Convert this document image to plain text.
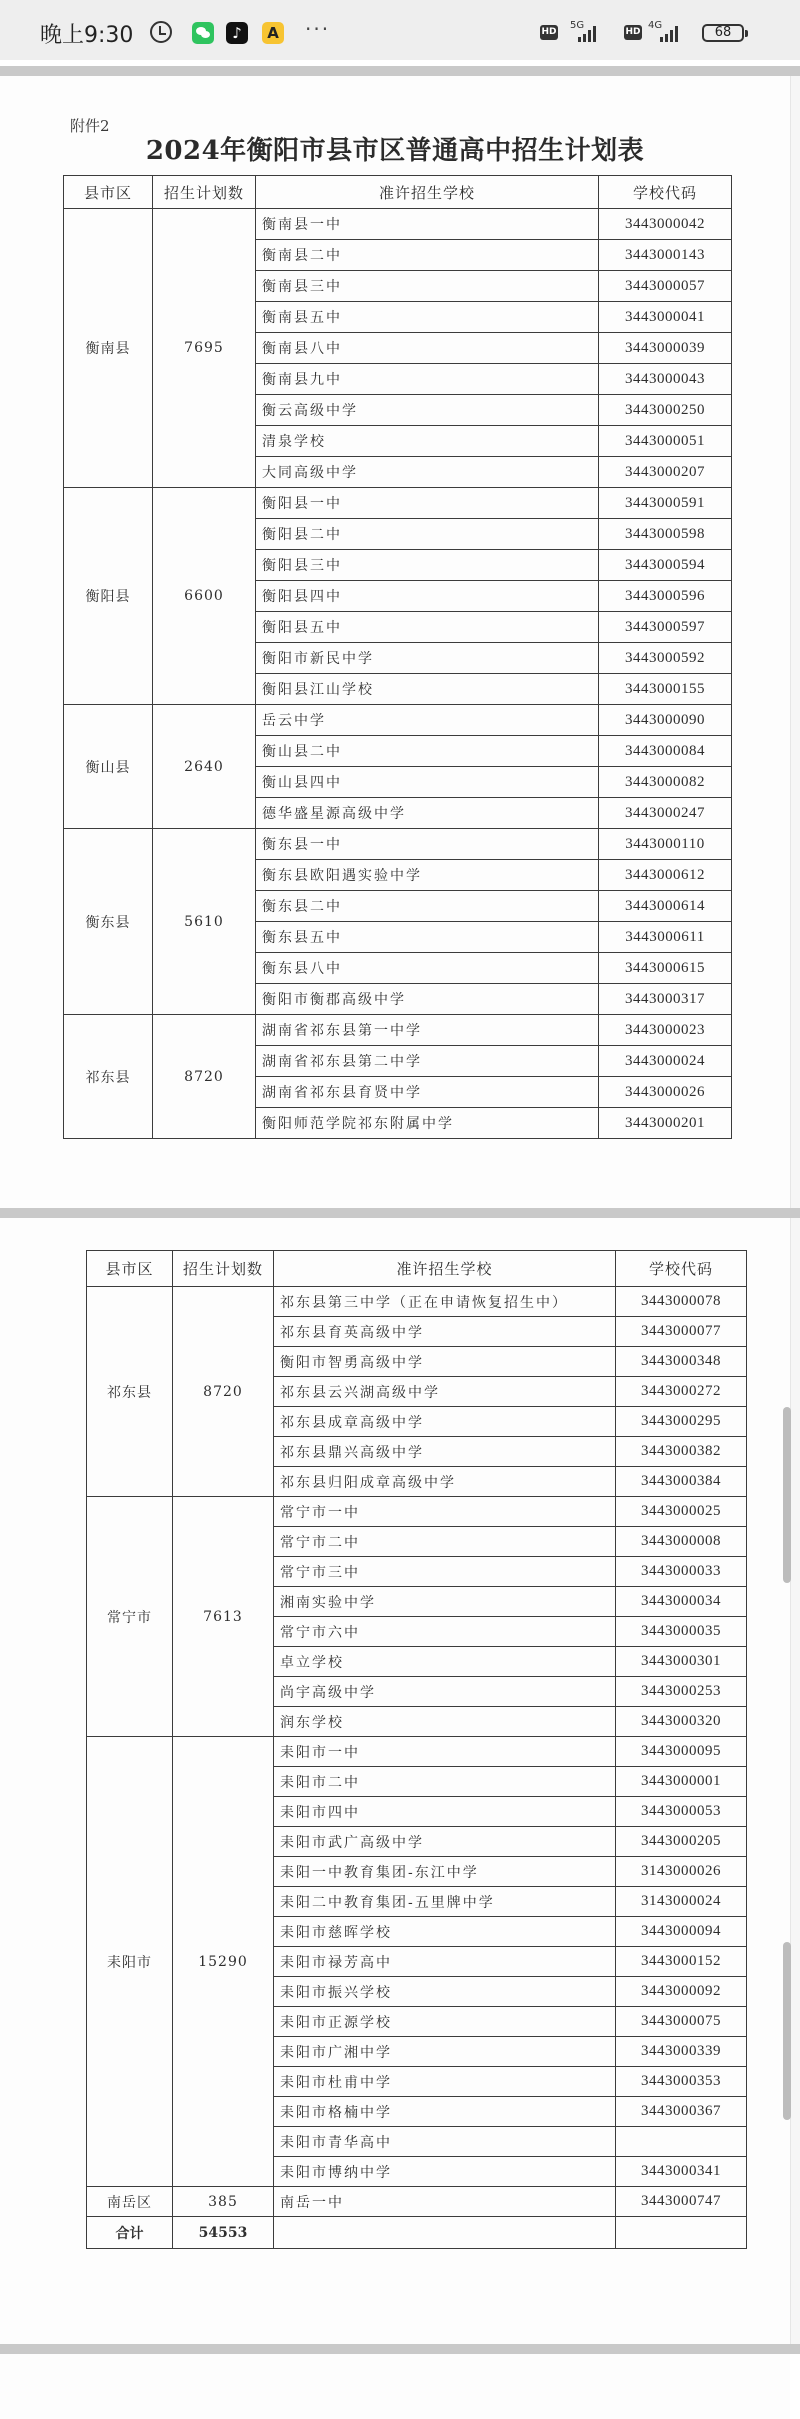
晚上9:30	♪	A ···	HD
5G
HD
4G	68
附件2
2024年衡阳市县市区普通高中招生计划表
县市区	招生计划数	准许招生学校	学校代码
衡南县	7695	衡南县一中	3443000042
		衡南县二中	3443000143
		衡南县三中	3443000057
		衡南县五中	3443000041
		衡南县八中	3443000039
		衡南县九中	3443000043
		衡云高级中学	3443000250
		清泉学校	3443000051
		大同高级中学	3443000207
衡阳县	6600	衡阳县一中	3443000591
		衡阳县二中	3443000598
		衡阳县三中	3443000594
		衡阳县四中	3443000596
		衡阳县五中	3443000597
		衡阳市新民中学	3443000592
		衡阳县江山学校	3443000155
衡山县	2640	岳云中学	3443000090
		衡山县二中	3443000084
		衡山县四中	3443000082
		德华盛星源高级中学	3443000247
衡东县	5610	衡东县一中	3443000110
		衡东县欧阳遇实验中学	3443000612
		衡东县二中	3443000614
		衡东县五中	3443000611
		衡东县八中	3443000615
		衡阳市衡郡高级中学	3443000317
祁东县	8720	湖南省祁东县第一中学	3443000023
		湖南省祁东县第二中学	3443000024
		湖南省祁东县育贤中学	3443000026
		衡阳师范学院祁东附属中学	3443000201
县市区	招生计划数	准许招生学校	学校代码
祁东县	8720	祁东县第三中学（正在申请恢复招生中）	3443000078
		祁东县育英高级中学	3443000077
		衡阳市智勇高级中学	3443000348
		祁东县云兴湖高级中学	3443000272
		祁东县成章高级中学	3443000295
		祁东县鼎兴高级中学	3443000382
		祁东县归阳成章高级中学	3443000384
常宁市	7613	常宁市一中	3443000025
		常宁市二中	3443000008
		常宁市三中	3443000033
		湘南实验中学	3443000034
		常宁市六中	3443000035
		卓立学校	3443000301
		尚宇高级中学	3443000253
		润东学校	3443000320
耒阳市	15290	耒阳市一中	3443000095
		耒阳市二中	3443000001
		耒阳市四中	3443000053
		耒阳市武广高级中学	3443000205
		耒阳一中教育集团-东江中学	3143000026
		耒阳二中教育集团-五里牌中学	3143000024
		耒阳市慈晖学校	3443000094
		耒阳市禄芳高中	3443000152
		耒阳市振兴学校	3443000092
		耒阳市正源学校	3443000075
		耒阳市广湘中学	3443000339
		耒阳市杜甫中学	3443000353
		耒阳市格楠中学	3443000367
		耒阳市青华高中	
		耒阳市博纳中学	3443000341
南岳区	385	南岳一中	3443000747
合计	54553		
